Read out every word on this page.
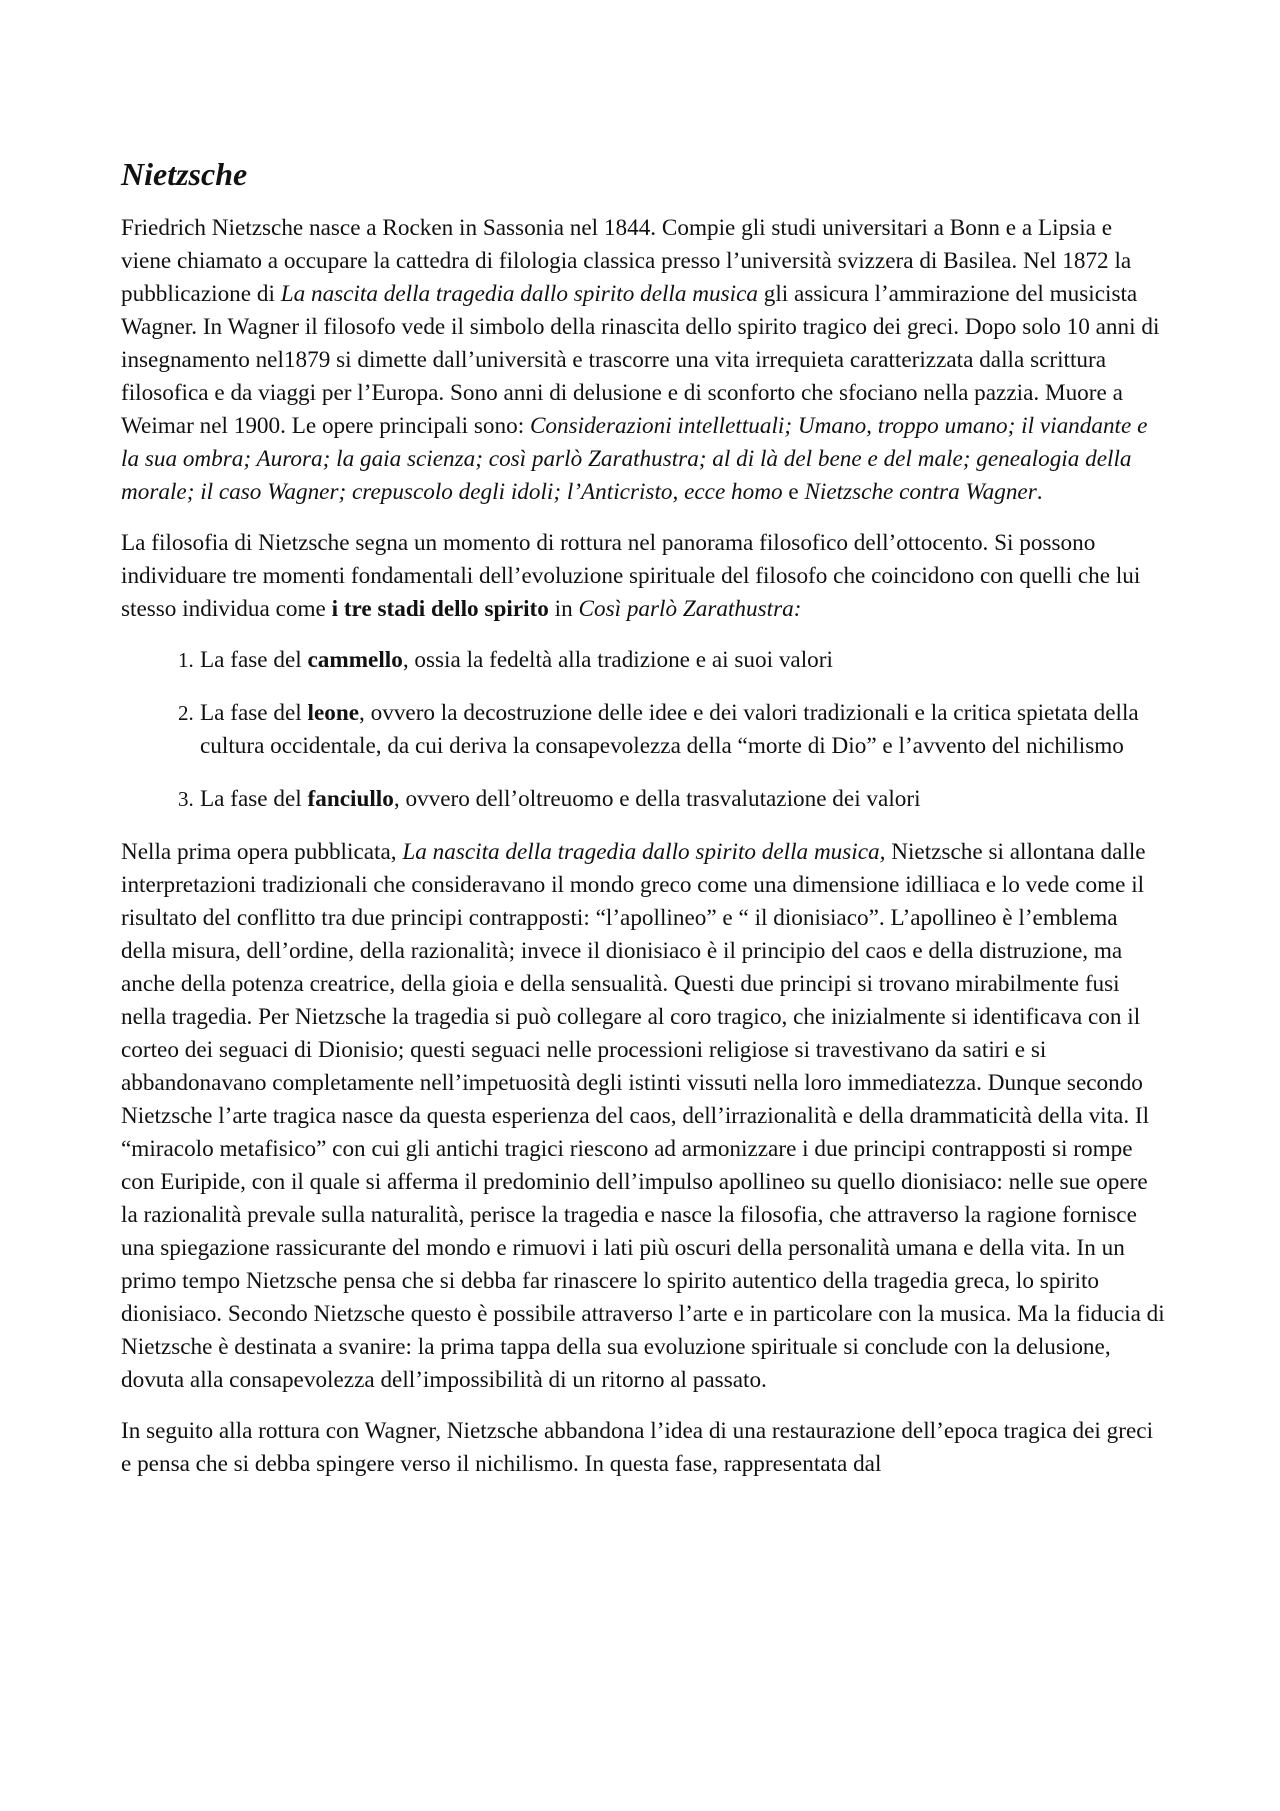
Nietzsche

Friedrich Nietzsche nasce a Rocken in Sassonia nel 1844. Compie gli studi universitari a Bonn e a Lipsia e viene chiamato a occupare la cattedra di filologia classica presso l’università svizzera di Basilea. Nel 1872 la pubblicazione di La nascita della tragedia dallo spirito della musica gli assicura l’ammirazione del musicista Wagner. In Wagner il filosofo vede il simbolo della rinascita dello spirito tragico dei greci. Dopo solo 10 anni di insegnamento nel1879 si dimette dall’università e trascorre una vita irrequieta caratterizzata dalla scrittura filosofica e da viaggi per l’Europa. Sono anni di delusione e di sconforto che sfociano nella pazzia. Muore a Weimar nel 1900. Le opere principali sono: Considerazioni intellettuali; Umano, troppo umano; il viandante e la sua ombra; Aurora; la gaia scienza; così parlò Zarathustra; al di là del bene e del male; genealogia della morale; il caso Wagner; crepuscolo degli idoli; l’Anticristo, ecce homo e Nietzsche contra Wagner.

La filosofia di Nietzsche segna un momento di rottura nel panorama filosofico dell’ottocento. Si possono individuare tre momenti fondamentali dell’evoluzione spirituale del filosofo che coincidono con quelli che lui stesso individua come i tre stadi dello spirito in Così parlò Zarathustra:

1. La fase del cammello, ossia la fedeltà alla tradizione e ai suoi valori
2. La fase del leone, ovvero la decostruzione delle idee e dei valori tradizionali e la critica spietata della cultura occidentale, da cui deriva la consapevolezza della “morte di Dio” e l’avvento del nichilismo
3. La fase del fanciullo, ovvero dell’oltreuomo e della trasvalutazione dei valori

Nella prima opera pubblicata, La nascita della tragedia dallo spirito della musica, Nietzsche si allontana dalle interpretazioni tradizionali che consideravano il mondo greco come una dimensione idilliaca e lo vede come il risultato del conflitto tra due principi contrapposti: “l’apollineo” e “ il dionisiaco”. L’apollineo è l’emblema della misura, dell’ordine, della razionalità; invece il dionisiaco è il principio del caos e della distruzione, ma anche della potenza creatrice, della gioia e della sensualità. Questi due principi si trovano mirabilmente fusi nella tragedia. Per Nietzsche la tragedia si può collegare al coro tragico, che inizialmente si identificava con il corteo dei seguaci di Dionisio; questi seguaci nelle processioni religiose si travestivano da satiri e si abbandonavano completamente nell’impetuosità degli istinti vissuti nella loro immediatezza. Dunque secondo Nietzsche l’arte tragica nasce da questa esperienza del caos, dell’irrazionalità e della drammaticità della vita. Il “miracolo metafisico” con cui gli antichi tragici riescono ad armonizzare i due principi contrapposti si rompe con Euripide, con il quale si afferma il predominio dell’impulso apollineo su quello dionisiaco: nelle sue opere la razionalità prevale sulla naturalità, perisce la tragedia e nasce la filosofia, che attraverso la ragione fornisce una spiegazione rassicurante del mondo e rimuovi i lati più oscuri della personalità umana e della vita. In un primo tempo Nietzsche pensa che si debba far rinascere lo spirito autentico della tragedia greca, lo spirito dionisiaco. Secondo Nietzsche questo è possibile attraverso l’arte e in particolare con la musica. Ma la fiducia di Nietzsche è destinata a svanire: la prima tappa della sua evoluzione spirituale si conclude con la delusione, dovuta alla consapevolezza dell’impossibilità di un ritorno al passato.

In seguito alla rottura con Wagner, Nietzsche abbandona l’idea di una restaurazione dell’epoca tragica dei greci e pensa che si debba spingere verso il nichilismo. In questa fase, rappresentata dal
